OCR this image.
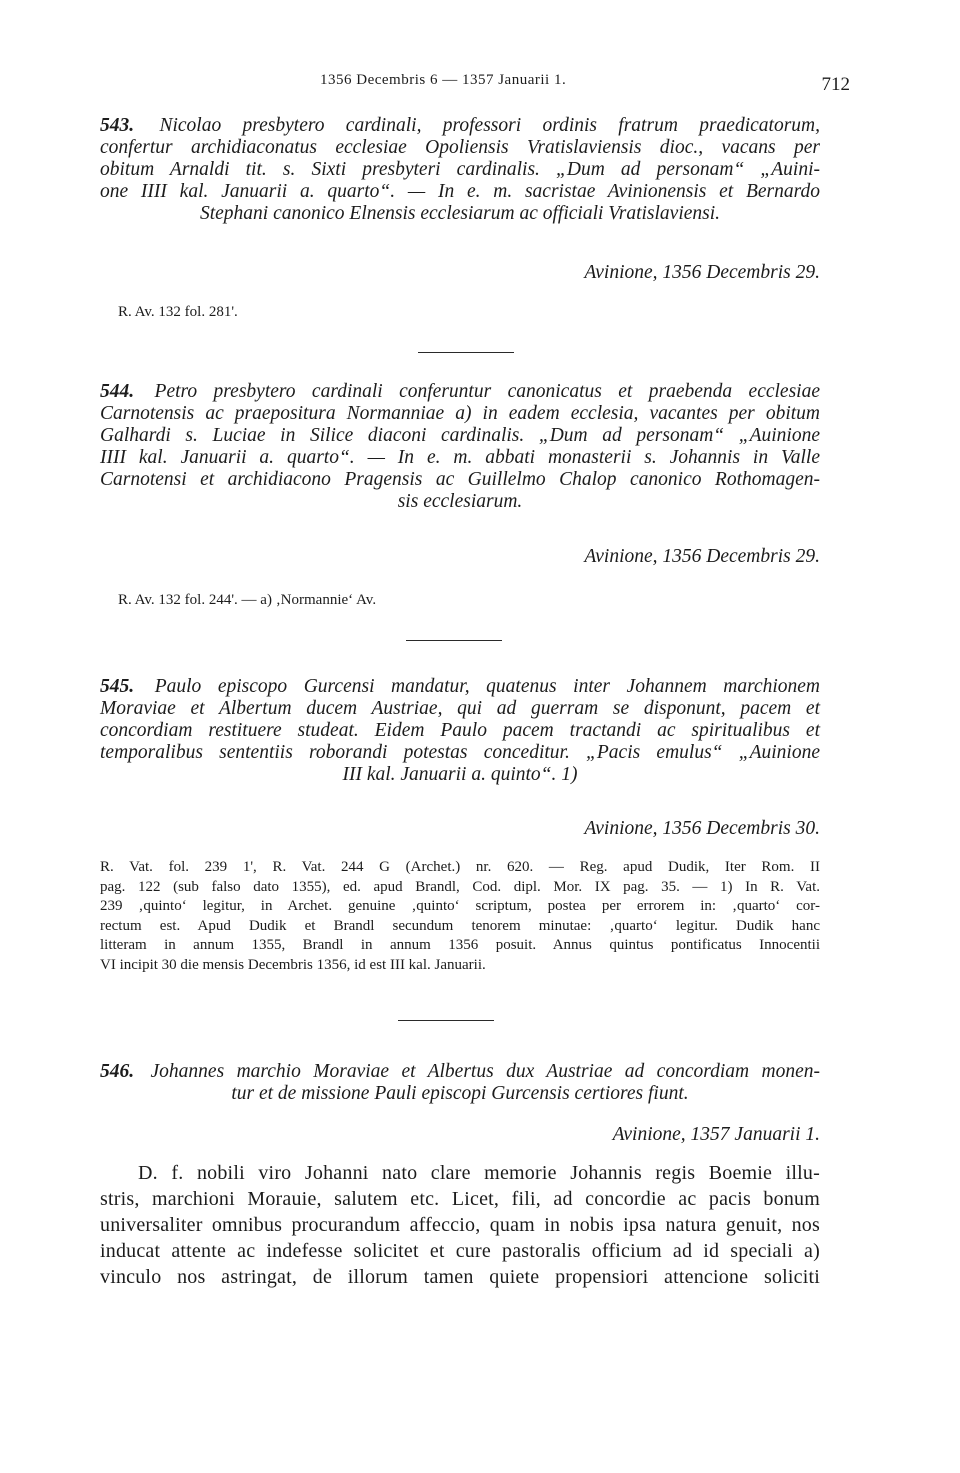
1356 Decembris 6 — 1357 Januarii 1.	712
543. Nicolao presbytero cardinali, professori ordinis fratrum praedicatorum,
confertur archidiaconatus ecclesiae Opoliensis Vratislaviensis dioc., vacans per
obitum Arnaldi tit. s. Sixti presbyteri cardinalis. „Dum ad personam“ „Auini-
one IIII kal. Januarii a. quarto“. — In e. m. sacristae Avinionensis et Bernardo
Stephani canonico Elnensis ecclesiarum ac officiali Vratislaviensi.
Avinione, 1356 Decembris 29.
R. Av. 132 fol. 281'.
544. Petro presbytero cardinali conferuntur canonicatus et praebenda ecclesiae
Carnotensis ac praepositura Normanniae a) in eadem ecclesia, vacantes per obitum
Galhardi s. Luciae in Silice diaconi cardinalis. „Dum ad personam“ „Auinione
IIII kal. Januarii a. quarto“. — In e. m. abbati monasterii s. Johannis in Valle
Carnotensi et archidiacono Pragensis ac Guillelmo Chalop canonico Rothomagen-
sis ecclesiarum.
Avinione, 1356 Decembris 29.
R. Av. 132 fol. 244'. — a) ‚Normannie‘ Av.
545. Paulo episcopo Gurcensi mandatur, quatenus inter Johannem marchionem
Moraviae et Albertum ducem Austriae, qui ad guerram se disponunt, pacem et
concordiam restituere studeat. Eidem Paulo pacem tractandi ac spiritualibus et
temporalibus sententiis roborandi potestas conceditur. „Pacis emulus“ „Auinione
III kal. Januarii a. quinto“. 1)
Avinione, 1356 Decembris 30.
R. Vat. fol. 239 1', R. Vat. 244 G (Archet.) nr. 620. — Reg. apud Dudik, Iter Rom. II
pag. 122 (sub falso dato 1355), ed. apud Brandl, Cod. dipl. Mor. IX pag. 35. — 1) In R. Vat.
239 ‚quinto‘ legitur, in Archet. genuine ‚quinto‘ scriptum, postea per errorem in: ‚quarto‘ cor-
rectum est. Apud Dudik et Brandl secundum tenorem minutae: ‚quarto‘ legitur. Dudik hanc
litteram in annum 1355, Brandl in annum 1356 posuit. Annus quintus pontificatus Innocentii
VI incipit 30 die mensis Decembris 1356, id est III kal. Januarii.
546. Johannes marchio Moraviae et Albertus dux Austriae ad concordiam monen-
tur et de missione Pauli episcopi Gurcensis certiores fiunt.
Avinione, 1357 Januarii 1.
D. f. nobili viro Johanni nato clare memorie Johannis regis Boemie illu-
stris, marchioni Morauie, salutem etc. Licet, fili, ad concordie ac pacis bonum
universaliter omnibus procurandum affeccio, quam in nobis ipsa natura genuit, nos
inducat attente ac indefesse solicitet et cure pastoralis officium ad id speciali a)
vinculo nos astringat, de illorum tamen quiete propensiori attencione soliciti
